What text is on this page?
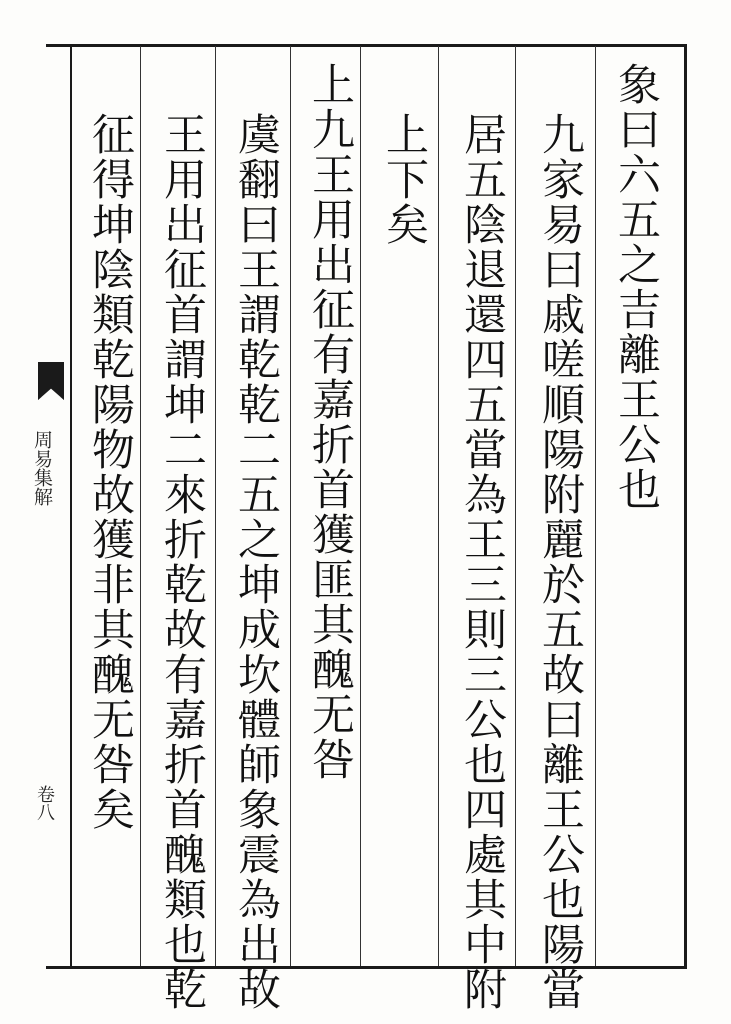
象曰六五之吉離王公也
九家易曰戚嗟順陽附麗於五故曰離王公也陽當
居五陰退還四五當為王三則三公也四處其中附
上下矣
上九王用出征有嘉折首獲匪其醜无咎
虞翻曰王謂乾乾二五之坤成坎體師象震為出故
王用出征首謂坤二來折乾故有嘉折首醜類也乾
征得坤陰類乾陽物故獲非其醜无咎矣
周易集解
卷八
